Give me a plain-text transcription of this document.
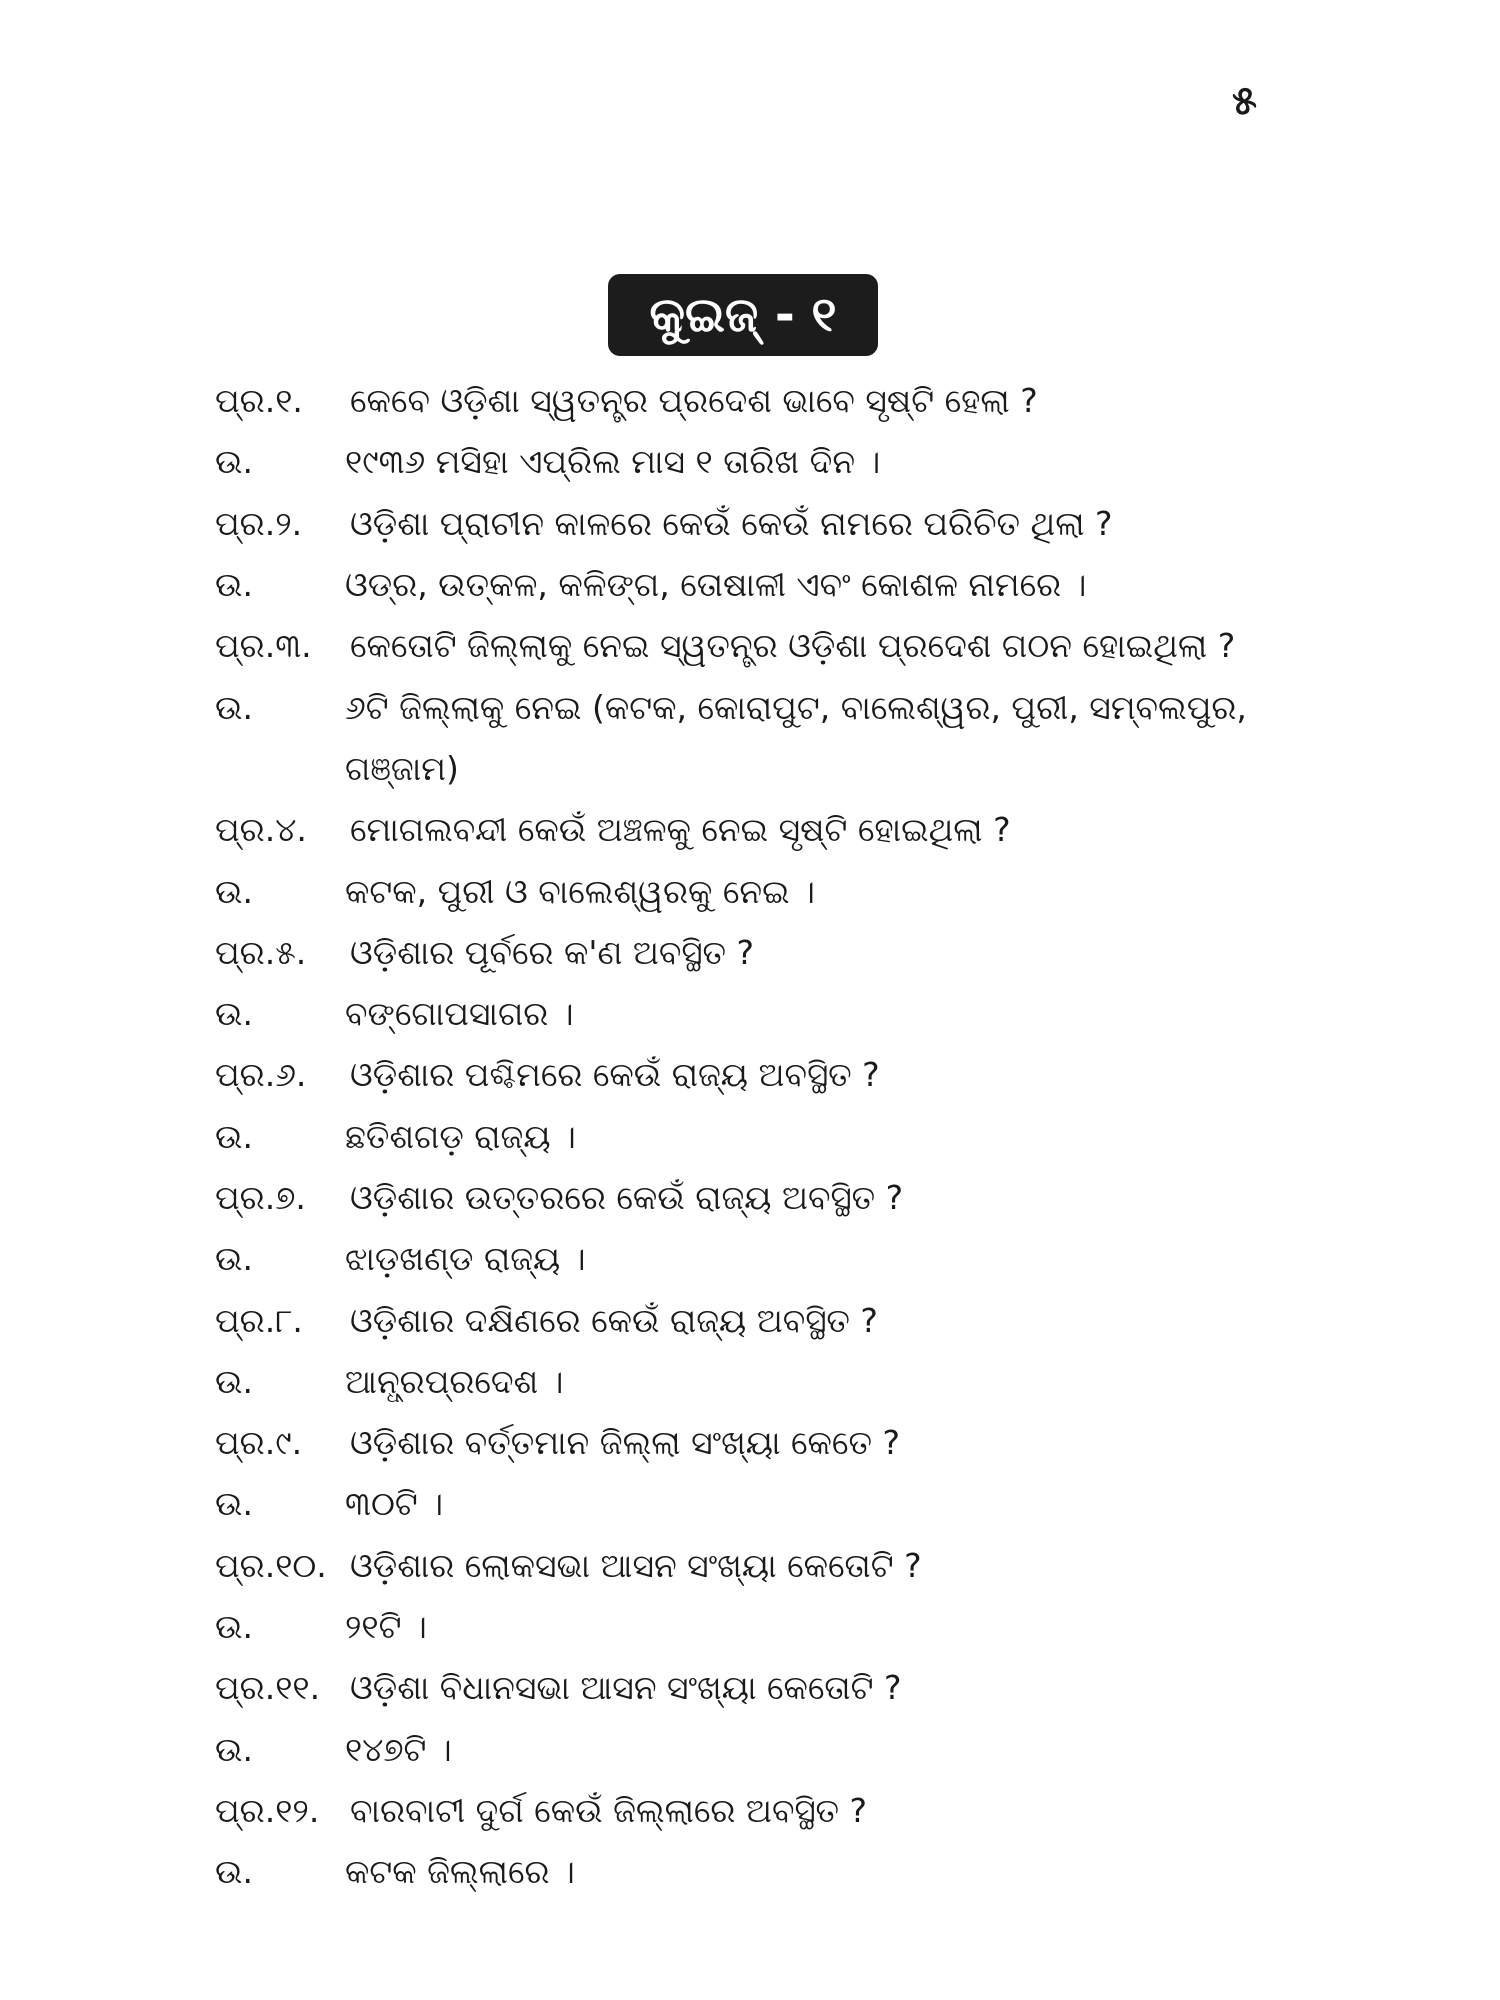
୫
କୁଇଜ୍ - ୧
ପ୍ର.୧.	କେବେ ଓଡ଼ିଶା ସ୍ୱତନ୍ତ୍ର ପ୍ରଦେଶ ଭାବେ ସୃଷ୍ଟି ହେଲା ?
ଉ.	୧୯୩୬ ମସିହା ଏପ୍ରିଲ ମାସ ୧ ତାରିଖ ଦିନ ।
ପ୍ର.୨.	ଓଡ଼ିଶା ପ୍ରାଚୀନ କାଳରେ କେଉଁ କେଉଁ ନାମରେ ପରିଚିତ ଥିଲା ?
ଉ.	ଓଡ୍ର, ଉତ୍କଳ, କଳିଙ୍ଗ, ତୋଷାଳୀ ଏବଂ କୋଶଳ ନାମରେ ।
ପ୍ର.୩.	କେତୋଟି ଜିଲ୍ଲାକୁ ନେଇ ସ୍ୱତନ୍ତ୍ର ଓଡ଼ିଶା ପ୍ରଦେଶ ଗଠନ ହୋଇଥିଲା ?
ଉ.	୬ଟି ଜିଲ୍ଲାକୁ ନେଇ (କଟକ, କୋରାପୁଟ, ବାଲେଶ୍ୱର, ପୁରୀ, ସମ୍ବଲପୁର,
ଗଞ୍ଜାମ)
ପ୍ର.୪.	ମୋଗଲବନ୍ଦୀ କେଉଁ ଅଞ୍ଚଳକୁ ନେଇ ସୃଷ୍ଟି ହୋଇଥିଲା ?
ଉ.	କଟକ, ପୁରୀ ଓ ବାଲେଶ୍ୱରକୁ ନେଇ ।
ପ୍ର.୫.	ଓଡ଼ିଶାର ପୂର୍ବରେ କ'ଣ ଅବସ୍ଥିତ ?
ଉ.	ବଙ୍ଗୋପସାଗର ।
ପ୍ର.୬.	ଓଡ଼ିଶାର ପଶ୍ଚିମରେ କେଉଁ ରାଜ୍ୟ ଅବସ୍ଥିତ ?
ଉ.	ଛତିଶଗଡ଼ ରାଜ୍ୟ ।
ପ୍ର.୭.	ଓଡ଼ିଶାର ଉତ୍ତରରେ କେଉଁ ରାଜ୍ୟ ଅବସ୍ଥିତ ?
ଉ.	ଝାଡ଼ଖଣ୍ଡ ରାଜ୍ୟ ।
ପ୍ର.୮.	ଓଡ଼ିଶାର ଦକ୍ଷିଣରେ କେଉଁ ରାଜ୍ୟ ଅବସ୍ଥିତ ?
ଉ.	ଆନ୍ଧ୍ରପ୍ରଦେଶ ।
ପ୍ର.୯.	ଓଡ଼ିଶାର ବର୍ତ୍ତମାନ ଜିଲ୍ଲା ସଂଖ୍ୟା କେତେ ?
ଉ.	୩୦ଟି ।
ପ୍ର.୧୦. ଓଡ଼ିଶାର ଲୋକସଭା ଆସନ ସଂଖ୍ୟା କେତୋଟି ?
ଉ.	୨୧ଟି ।
ପ୍ର.୧୧. ଓଡ଼ିଶା ବିଧାନସଭା ଆସନ ସଂଖ୍ୟା କେତୋଟି ?
ଉ.	୧୪୭ଟି ।
ପ୍ର.୧୨. ବାରବାଟୀ ଦୁର୍ଗ କେଉଁ ଜିଲ୍ଲାରେ ଅବସ୍ଥିତ ?
ଉ.	କଟକ ଜିଲ୍ଲାରେ ।
